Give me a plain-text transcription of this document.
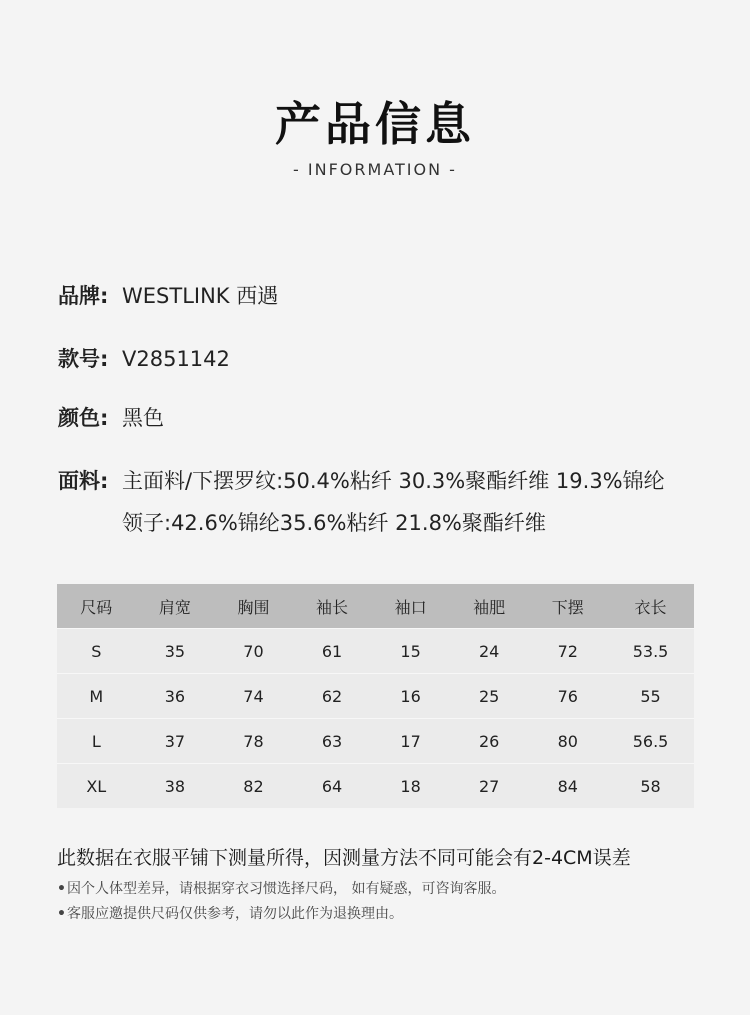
产品信息
- INFORMATION -
品牌: WESTLINK 西遇
款号: V2851142
颜色: 黑色
面料: 主面料/下摆罗纹:50.4%粘纤 30.3%聚酯纤维 19.3%锦纶
领子:42.6%锦纶35.6%粘纤 21.8%聚酯纤维
尺码	肩宽	胸围	袖长	袖口	袖肥	下摆	衣长
S	35	70	61	15	24	72	53.5
M	36	74	62	16	25	76	55
L	37	78	63	17	26	80	56.5
XL	38	82	64	18	27	84	58
此数据在衣服平铺下测量所得，因测量方法不同可能会有2-4CM误差
•因个人体型差异，请根据穿衣习惯选择尺码， 如有疑惑，可咨询客服。
•客服应邀提供尺码仅供参考，请勿以此作为退换理由。
